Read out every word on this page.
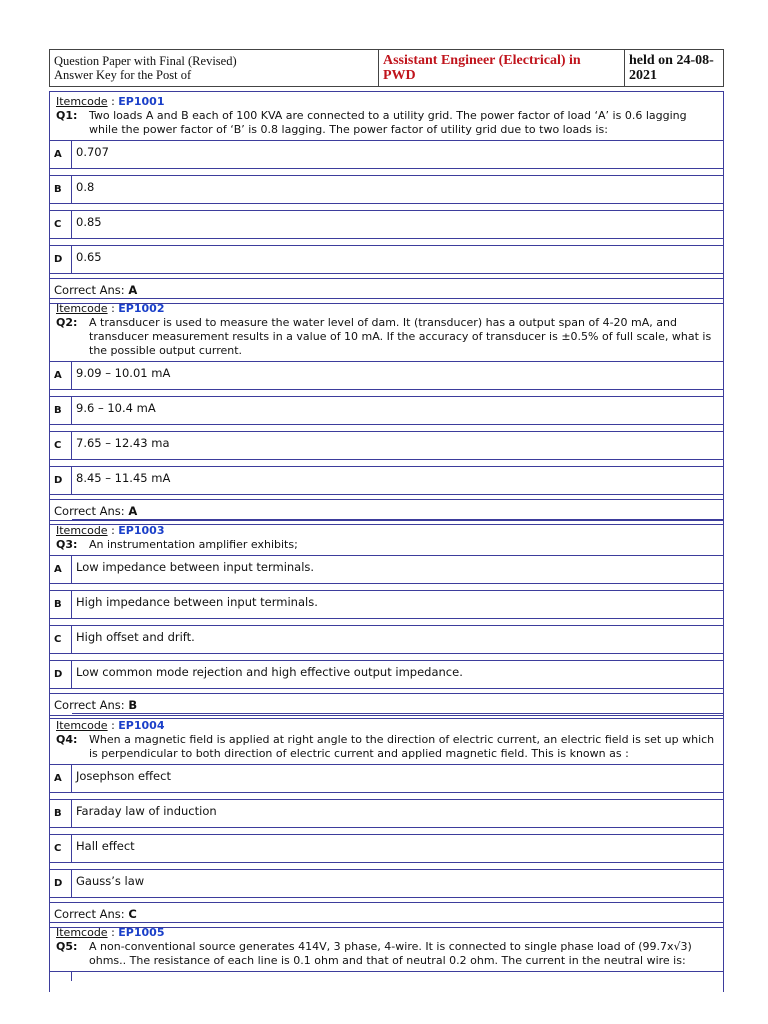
Question Paper with Final (Revised)
Answer Key for the Post of
Assistant Engineer (Electrical) in
PWD
held on 24-08-
2021
Itemcode : EP1001
Q1:	Two loads A and B each of 100 KVA are connected to a utility grid. The power factor of load ‘A’ is 0.6 lagging while the power factor of ‘B’ is 0.8 lagging. The power factor of utility grid due to two loads is:
A	0.707
B	0.8
C	0.85
D	0.65
Correct Ans: A
Itemcode : EP1002
Q2:	A transducer is used to measure the water level of dam. It (transducer) has a output span of 4-20 mA, and transducer measurement results in a value of 10 mA. If the accuracy of transducer is ±0.5% of full scale, what is the possible output current.
A	9.09 – 10.01 mA
B	9.6 – 10.4 mA
C	7.65 – 12.43 ma
D	8.45 – 11.45 mA
Correct Ans: A
Itemcode : EP1003
Q3:	An instrumentation amplifier exhibits;
A	Low impedance between input terminals.
B	High impedance between input terminals.
C	High offset and drift.
D	Low common mode rejection and high effective output impedance.
Correct Ans: B
Itemcode : EP1004
Q4:	When a magnetic field is applied at right angle to the direction of electric current, an electric field is set up which is perpendicular to both direction of electric current and applied magnetic field. This is known as :
A	Josephson effect
B	Faraday law of induction
C	Hall effect
D	Gauss’s law
Correct Ans: C
Itemcode : EP1005
Q5:	A non-conventional source generates 414V, 3 phase, 4-wire. It is connected to single phase load of (99.7x√3) ohms.. The resistance of each line is 0.1 ohm and that of neutral 0.2 ohm. The current in the neutral wire is:
